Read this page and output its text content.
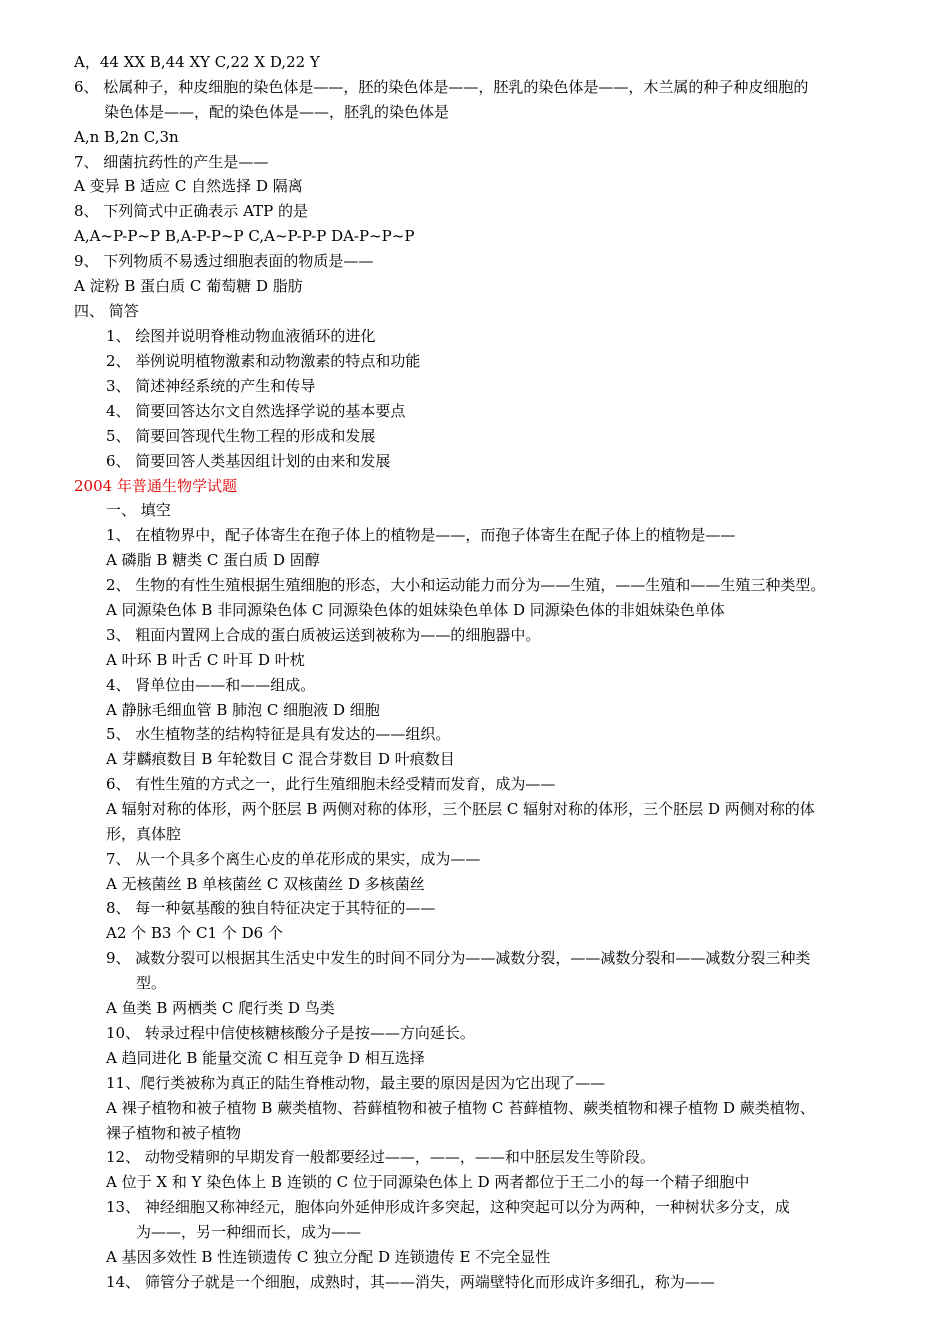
A，44 XX B,44 XY C,22 X D,22 Y
6、 松属种子，种皮细胞的染色体是——，胚的染色体是——，胚乳的染色体是——，木兰属的种子种皮细胞的
染色体是——，配的染色体是——，胚乳的染色体是
A,n B,2n C,3n
7、 细菌抗药性的产生是——
A 变异 B 适应 C 自然选择 D 隔离
8、 下列简式中正确表示 ATP 的是
A,A~P-P~P B,A-P-P~P C,A~P-P-P DA-P~P~P
9、 下列物质不易透过细胞表面的物质是——
A 淀粉 B 蛋白质 C 葡萄糖 D 脂肪
四、 简答
1、 绘图并说明脊椎动物血液循环的进化
2、 举例说明植物激素和动物激素的特点和功能
3、 简述神经系统的产生和传导
4、 简要回答达尔文自然选择学说的基本要点
5、 简要回答现代生物工程的形成和发展
6、 简要回答人类基因组计划的由来和发展
2004 年普通生物学试题
一、 填空
1、 在植物界中，配子体寄生在孢子体上的植物是——，而孢子体寄生在配子体上的植物是——
A 磷脂 B 糖类 C 蛋白质 D 固醇
2、 生物的有性生殖根据生殖细胞的形态，大小和运动能力而分为——生殖，——生殖和——生殖三种类型。
A 同源染色体 B 非同源染色体 C 同源染色体的姐妹染色单体 D 同源染色体的非姐妹染色单体
3、 粗面内置网上合成的蛋白质被运送到被称为——的细胞器中。
A 叶环 B 叶舌 C 叶耳 D 叶枕
4、 肾单位由——和——组成。
A 静脉毛细血管 B 肺泡 C 细胞液 D 细胞
5、 水生植物茎的结构特征是具有发达的——组织。
A 芽麟痕数目 B 年轮数目 C 混合芽数目 D 叶痕数目
6、 有性生殖的方式之一，此行生殖细胞未经受精而发育，成为——
A 辐射对称的体形，两个胚层 B 两侧对称的体形，三个胚层 C 辐射对称的体形，三个胚层 D 两侧对称的体
形，真体腔
7、 从一个具多个离生心皮的单花形成的果实，成为——
A 无核菌丝 B 单核菌丝 C 双核菌丝 D 多核菌丝
8、 每一种氨基酸的独自特征决定于其特征的——
A2 个 B3 个 C1 个 D6 个
9、 减数分裂可以根据其生活史中发生的时间不同分为——减数分裂，——减数分裂和——减数分裂三种类
型。
A 鱼类 B 两栖类 C 爬行类 D 鸟类
10、 转录过程中信使核糖核酸分子是按——方向延长。
A 趋同进化 B 能量交流 C 相互竞争 D 相互选择
11、爬行类被称为真正的陆生脊椎动物，最主要的原因是因为它出现了——
A 裸子植物和被子植物 B 蕨类植物、苔藓植物和被子植物 C 苔藓植物、蕨类植物和裸子植物 D 蕨类植物、
裸子植物和被子植物
12、 动物受精卵的早期发育一般都要经过——，——，——和中胚层发生等阶段。
A 位于 X 和 Y 染色体上 B 连锁的 C 位于同源染色体上 D 两者都位于王二小的每一个精子细胞中
13、 神经细胞又称神经元，胞体向外延伸形成许多突起，这种突起可以分为两种，一种树状多分支，成
为——，另一种细而长，成为——
A 基因多效性 B 性连锁遗传 C 独立分配 D 连锁遗传 E 不完全显性
14、 筛管分子就是一个细胞，成熟时，其——消失，两端壁特化而形成许多细孔，称为——
